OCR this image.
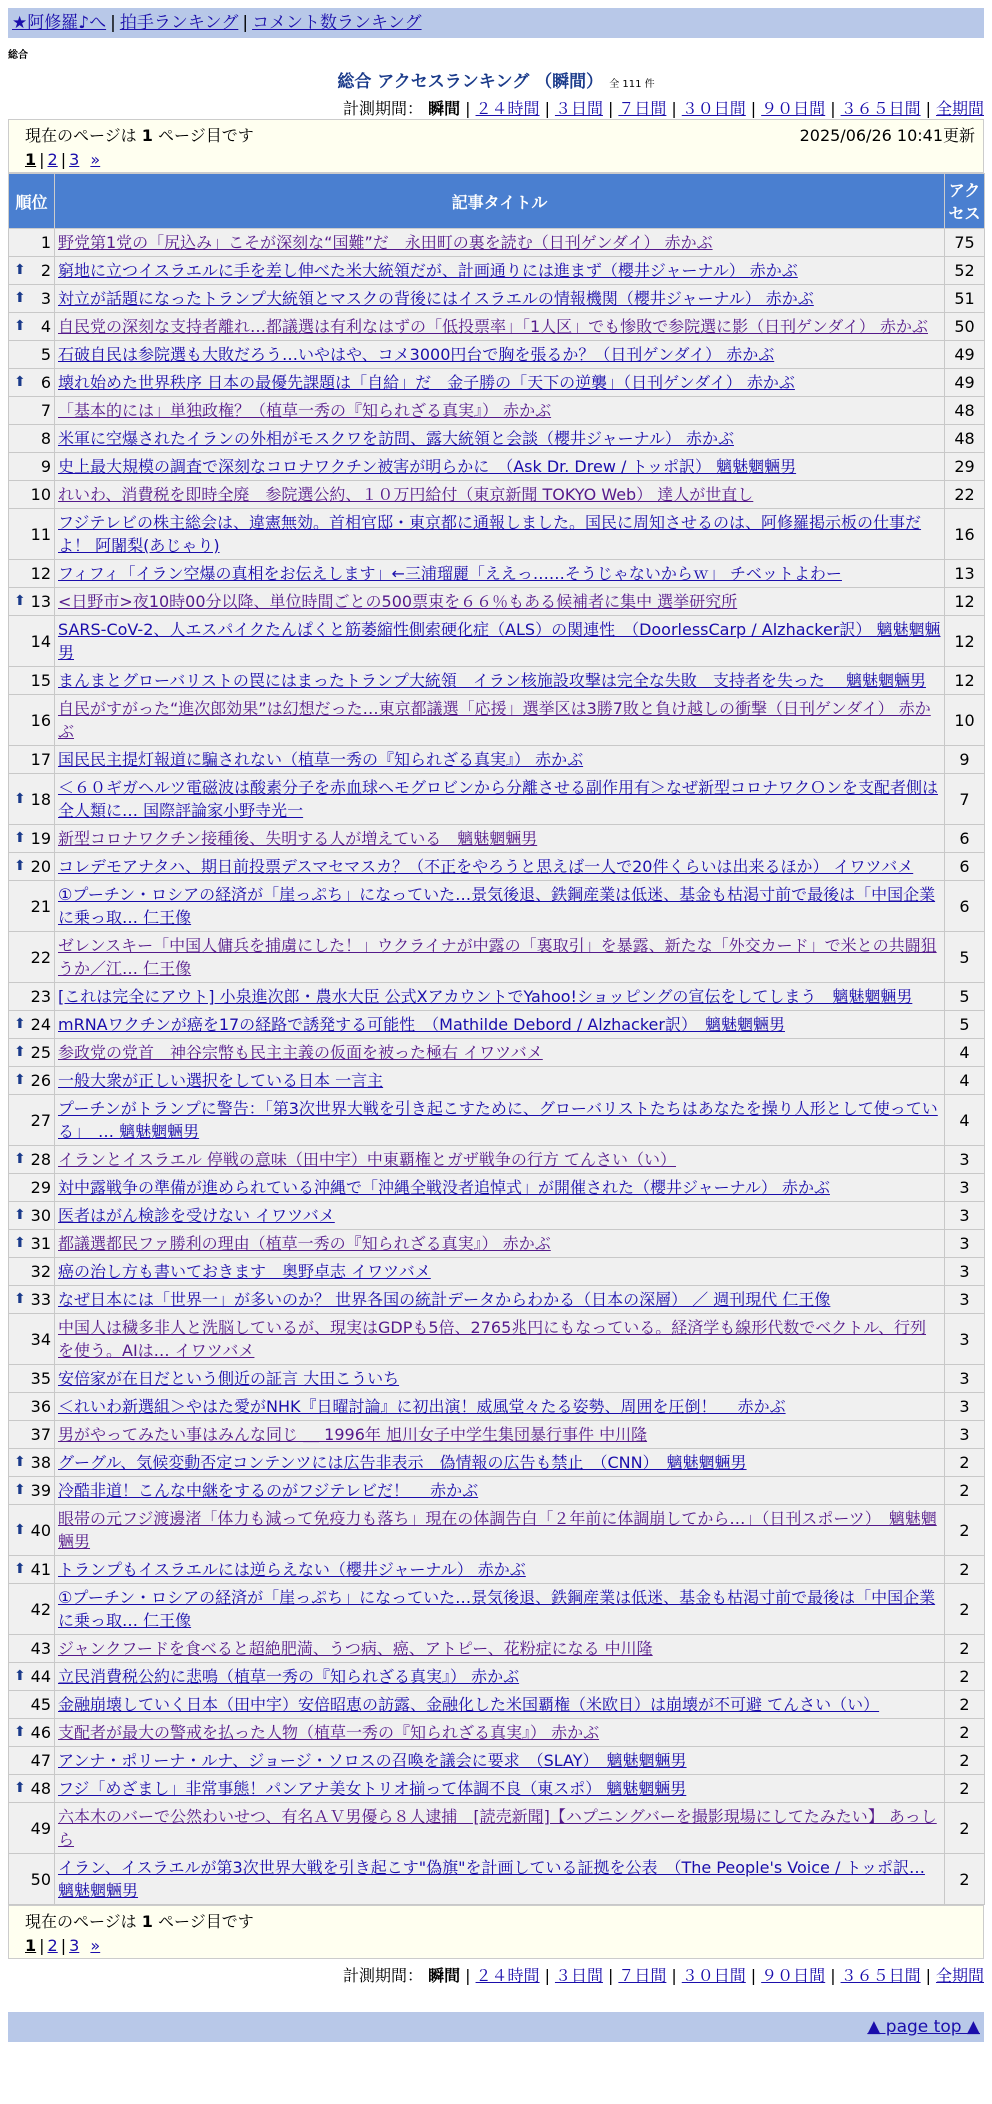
★阿修羅♪へ | 拍手ランキング | コメント数ランキング
総合
総合 アクセスランキング （瞬間） 全 111 件
計測期間： 瞬間 | ２４時間 | ３日間 | ７日間 | ３０日間 | ９０日間 | ３６５日間 | 全期間
現在のページは 1 ページ目です	2025/06/26 10:41更新
1 | 2 | 3 »
順位	記事タイトル	アクセス
1	野党第1党の「尻込み」こそが深刻な“国難”だ　永田町の裏を読む（日刊ゲンダイ） 赤かぶ	75

⬆ 2	窮地に立つイスラエルに手を差し伸べた米大統領だが、計画通りには進まず（櫻井ジャーナル） 赤かぶ	52

⬆ 3	対立が話題になったトランプ大統領とマスクの背後にはイスラエルの情報機関（櫻井ジャーナル） 赤かぶ	51

⬆ 4	自民党の深刻な支持者離れ…都議選は有利なはずの「低投票率」「1人区」でも惨敗で参院選に影（日刊ゲンダイ） 赤かぶ	50
5	石破自民は参院選も大敗だろう…いやはや、コメ3000円台で胸を張るか？（日刊ゲンダイ） 赤かぶ	49

⬆ 6	壊れ始めた世界秩序 日本の最優先課題は「自給」だ　金子勝の「天下の逆襲」（日刊ゲンダイ） 赤かぶ	49
7	「基本的には」単独政権？（植草一秀の『知られざる真実』） 赤かぶ	48
8	米軍に空爆されたイランの外相がモスクワを訪問、露大統領と会談（櫻井ジャーナル） 赤かぶ	48
9	史上最大規模の調査で深刻なコロナワクチン被害が明らかに　（Ask Dr. Drew / トッポ訳） 魑魅魍魎男	29
10	れいわ、消費税を即時全廃　参院選公約、１０万円給付（東京新聞 TOKYO Web） 達人が世直し	22
11	フジテレビの株主総会は、違憲無効。首相官邸・東京都に通報しました。国民に周知させるのは、阿修羅掲示板の仕事だよ！ 阿闍梨(あじゃり)	16
12	フィフィ「イラン空爆の真相をお伝えします」←三浦瑠麗「ええっ……そうじゃないからｗ」 チベットよわー	13

⬆ 13	<日野市>夜10時00分以降、単位時間ごとの500票束を６６％もある候補者に集中 選挙研究所	12
14	SARS-CoV-2、人エスパイクたんぱくと筋萎縮性側索硬化症（ALS）の関連性　（DoorlessCarp / Alzhacker訳） 魑魅魍魎男	12
15	まんまとグローバリストの罠にはまったトランプ大統領　イラン核施設攻撃は完全な失敗　支持者を失った　 魑魅魍魎男	12
16	自民がすがった“進次郎効果”は幻想だった…東京都議選「応援」選挙区は3勝7敗と負け越しの衝撃（日刊ゲンダイ） 赤かぶ	10
17	国民民主提灯報道に騙されない（植草一秀の『知られざる真実』） 赤かぶ	9

⬆ 18	＜６０ギガヘルツ電磁波は酸素分子を赤血球ヘモグロビンから分離させる副作用有＞なぜ新型コロナワクＯンを支配者側は全人類に… 国際評論家小野寺光一	7

⬆ 19	新型コロナワクチン接種後、失明する人が増えている　魑魅魍魎男	6

⬆ 20	コレデモアナタハ、期日前投票デスマセマスカ？（不正をやろうと思えば一人で20件くらいは出来るほか） イワツバメ	6
21	①プーチン・ロシアの経済が「崖っぷち」になっていた…景気後退、鉄鋼産業は低迷、基金も枯渇寸前で最後は「中国企業に乗っ取… 仁王像	6
22	ゼレンスキー「中国人傭兵を捕虜にした！」ウクライナが中露の「裏取引」を暴露、新たな「外交カード」で米との共闘狙うか／江… 仁王像	5
23	[これは完全にアウト] 小泉進次郎・農水大臣 公式XアカウントでYahoo!ショッピングの宣伝をしてしまう　魑魅魍魎男	5

⬆ 24	mRNAワクチンが癌を17の経路で誘発する可能性　（Mathilde Debord / Alzhacker訳）　魑魅魍魎男	5

⬆ 25	参政党の党首　神谷宗幣も民主主義の仮面を被った極右 イワツバメ	4

⬆ 26	一般大衆が正しい選択をしている日本 一言主	4
27	プーチンがトランプに警告：「第3次世界大戦を引き起こすために、グローバリストたちはあなたを操り人形として使っている」　… 魑魅魍魎男	4

⬆ 28	イランとイスラエル 停戦の意味（田中宇）中東覇権とガザ戦争の行方 てんさい（い）	3
29	対中露戦争の準備が進められている沖縄で「沖縄全戦没者追悼式」が開催された（櫻井ジャーナル） 赤かぶ	3

⬆ 30	医者はがん検診を受けない イワツバメ	3

⬆ 31	都議選都民ファ勝利の理由（植草一秀の『知られざる真実』） 赤かぶ	3
32	癌の治し方も書いておきます　奥野卓志 イワツバメ	3

⬆ 33	なぜ日本には「世界一」が多いのか？ 世界各国の統計データからわかる（日本の深層） ／ 週刊現代 仁王像	3
34	中国人は穢多非人と洗脳しているが、現実はGDPも5倍、2765兆円にもなっている。経済学も線形代数でベクトル、行列を使う。AIは… イワツバメ	3
35	安倍家が在日だという側近の証言 大田こういち	3
36	＜れいわ新選組＞やはた愛がNHK『日曜討論』に初出演！威風堂々たる姿勢、周囲を圧倒！　 赤かぶ	3
37	男がやってみたい事はみんな同じ ＿ 1996年 旭川女子中学生集団暴行事件 中川隆	3

⬆ 38	グーグル、気候変動否定コンテンツには広告非表示　偽情報の広告も禁止　（CNN）　魑魅魍魎男	2

⬆ 39	冷酷非道！こんな中継をするのがフジテレビだ！　 赤かぶ	2

⬆ 40	眼帯の元フジ渡邊渚「体力も減って免疫力も落ち」現在の体調告白「２年前に体調崩してから…」（日刊スポーツ）　魑魅魍魎男	2

⬆ 41	トランプもイスラエルには逆らえない（櫻井ジャーナル） 赤かぶ	2
42	①プーチン・ロシアの経済が「崖っぷち」になっていた…景気後退、鉄鋼産業は低迷、基金も枯渇寸前で最後は「中国企業に乗っ取… 仁王像	2
43	ジャンクフードを食べると超絶肥満、うつ病、癌、アトピー、花粉症になる 中川隆	2

⬆ 44	立民消費税公約に悲鳴（植草一秀の『知られざる真実』） 赤かぶ	2
45	金融崩壊していく日本（田中宇）安倍昭恵の訪露、金融化した米国覇権（米欧日）は崩壊が不可避 てんさい（い）	2

⬆ 46	支配者が最大の警戒を払った人物（植草一秀の『知られざる真実』） 赤かぶ	2
47	アンナ・ポリーナ・ルナ、ジョージ・ソロスの召喚を議会に要求　（SLAY）　魑魅魍魎男	2

⬆ 48	フジ「めざまし」非常事態！パンアナ美女トリオ揃って体調不良（東スポ） 魑魅魍魎男	2
49	六本木のバーで公然わいせつ、有名ＡＶ男優ら８人逮捕　[読売新聞]【ハプニングバーを撮影現場にしてたみたい】 あっしら	2
50	イラン、イスラエルが第3次世界大戦を引き起こす"偽旗"を計画している証拠を公表　（The People's Voice / トッポ訳… 魑魅魍魎男	2
現在のページは 1 ページ目です
1 | 2 | 3 »
計測期間： 瞬間 | ２４時間 | ３日間 | ７日間 | ３０日間 | ９０日間 | ３６５日間 | 全期間
▲ page top ▲
